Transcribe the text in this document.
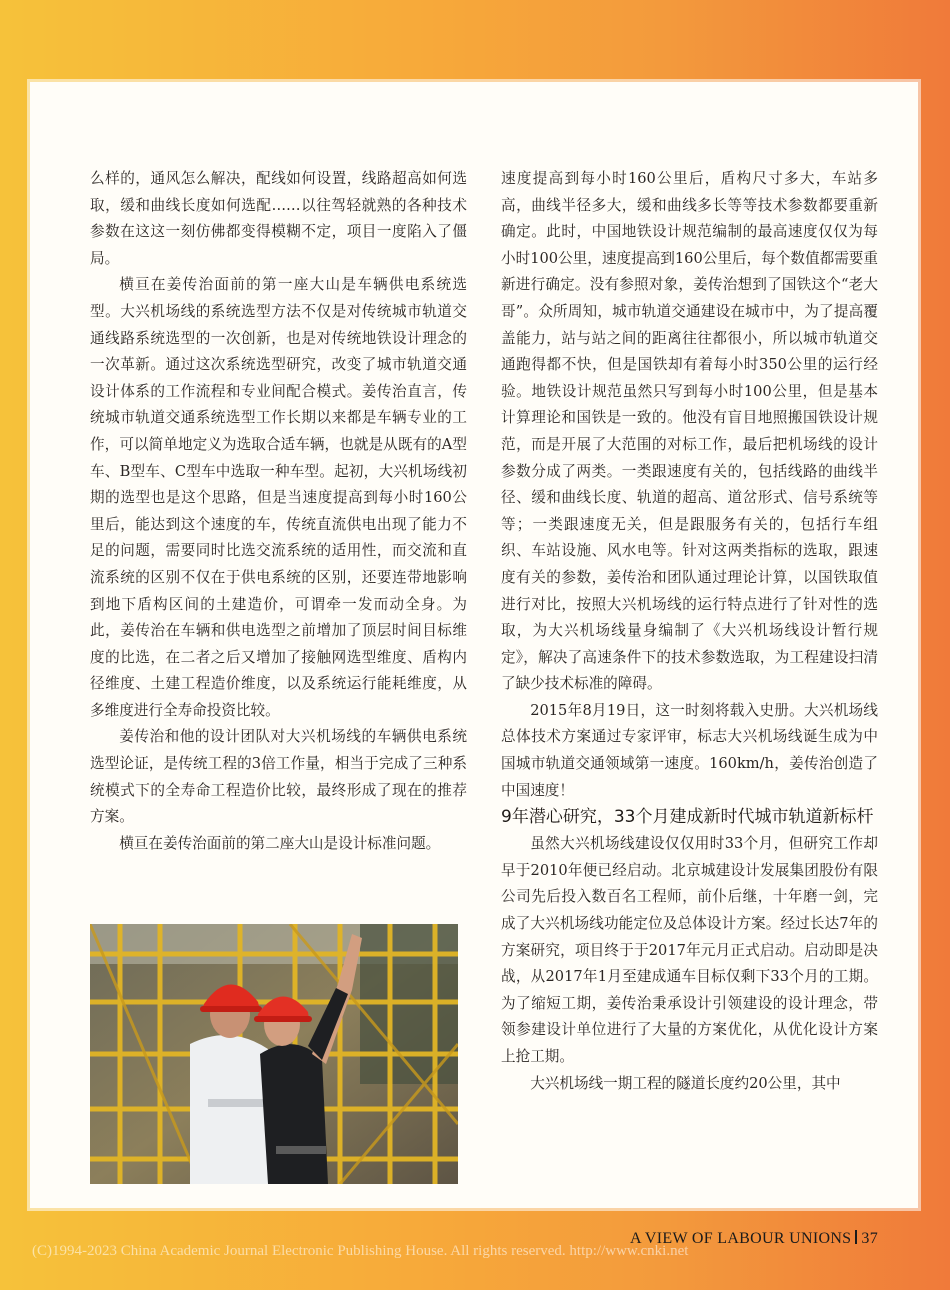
么样的，通风怎么解决，配线如何设置，线路超高如何选取，缓和曲线长度如何选配……以往驾轻就熟的各种技术参数在这这一刻仿佛都变得模糊不定，项目一度陷入了僵局。

横亘在姜传治面前的第一座大山是车辆供电系统选型。大兴机场线的系统选型方法不仅是对传统城市轨道交通线路系统选型的一次创新，也是对传统地铁设计理念的一次革新。通过这次系统选型研究，改变了城市轨道交通设计体系的工作流程和专业间配合模式。姜传治直言，传统城市轨道交通系统选型工作长期以来都是车辆专业的工作，可以简单地定义为选取合适车辆，也就是从既有的A型车、B型车、C型车中选取一种车型。起初，大兴机场线初期的选型也是这个思路，但是当速度提高到每小时160公里后，能达到这个速度的车，传统直流供电出现了能力不足的问题，需要同时比选交流系统的适用性，而交流和直流系统的区别不仅在于供电系统的区别，还要连带地影响到地下盾构区间的土建造价，可谓牵一发而动全身。为此，姜传治在车辆和供电选型之前增加了顶层时间目标维度的比选，在二者之后又增加了接触网选型维度、盾构内径维度、土建工程造价维度，以及系统运行能耗维度，从多维度进行全寿命投资比较。

姜传治和他的设计团队对大兴机场线的车辆供电系统选型论证，是传统工程的3倍工作量，相当于完成了三种系统模式下的全寿命工程造价比较，最终形成了现在的推荐方案。

横亘在姜传治面前的第二座大山是设计标准问题。

速度提高到每小时160公里后，盾构尺寸多大，车站多高，曲线半径多大，缓和曲线多长等等技术参数都要重新确定。此时，中国地铁设计规范编制的最高速度仅仅为每小时100公里，速度提高到160公里后，每个数值都需要重新进行确定。没有参照对象，姜传治想到了国铁这个“老大哥”。众所周知，城市轨道交通建设在城市中，为了提高覆盖能力，站与站之间的距离往往都很小，所以城市轨道交通跑得都不快，但是国铁却有着每小时350公里的运行经验。地铁设计规范虽然只写到每小时100公里，但是基本计算理论和国铁是一致的。他没有盲目地照搬国铁设计规范，而是开展了大范围的对标工作，最后把机场线的设计参数分成了两类。一类跟速度有关的，包括线路的曲线半径、缓和曲线长度、轨道的超高、道岔形式、信号系统等等；一类跟速度无关，但是跟服务有关的，包括行车组织、车站设施、风水电等。针对这两类指标的选取，跟速度有关的参数，姜传治和团队通过理论计算，以国铁取值进行对比，按照大兴机场线的运行特点进行了针对性的选取，为大兴机场线量身编制了《大兴机场线设计暂行规定》，解决了高速条件下的技术参数选取，为工程建设扫清了缺少技术标准的障碍。

2015年8月19日，这一时刻将载入史册。大兴机场线总体技术方案通过专家评审，标志大兴机场线诞生成为中国城市轨道交通领域第一速度。160km/h，姜传治创造了中国速度！

9年潜心研究，33个月建成新时代城市轨道新标杆

虽然大兴机场线建设仅仅用时33个月，但研究工作却早于2010年便已经启动。北京城建设计发展集团股份有限公司先后投入数百名工程师，前仆后继，十年磨一剑，完成了大兴机场线功能定位及总体设计方案。经过长达7年的方案研究，项目终于于2017年元月正式启动。启动即是决战，从2017年1月至建成通车目标仅剩下33个月的工期。为了缩短工期，姜传治秉承设计引领建设的设计理念，带领参建设计单位进行了大量的方案优化，从优化设计方案上抢工期。

大兴机场线一期工程的隧道长度约20公里，其中

A VIEW OF LABOUR UNIONS 37
(C)1994-2023 China Academic Journal Electronic Publishing House. All rights reserved. http://www.cnki.net
